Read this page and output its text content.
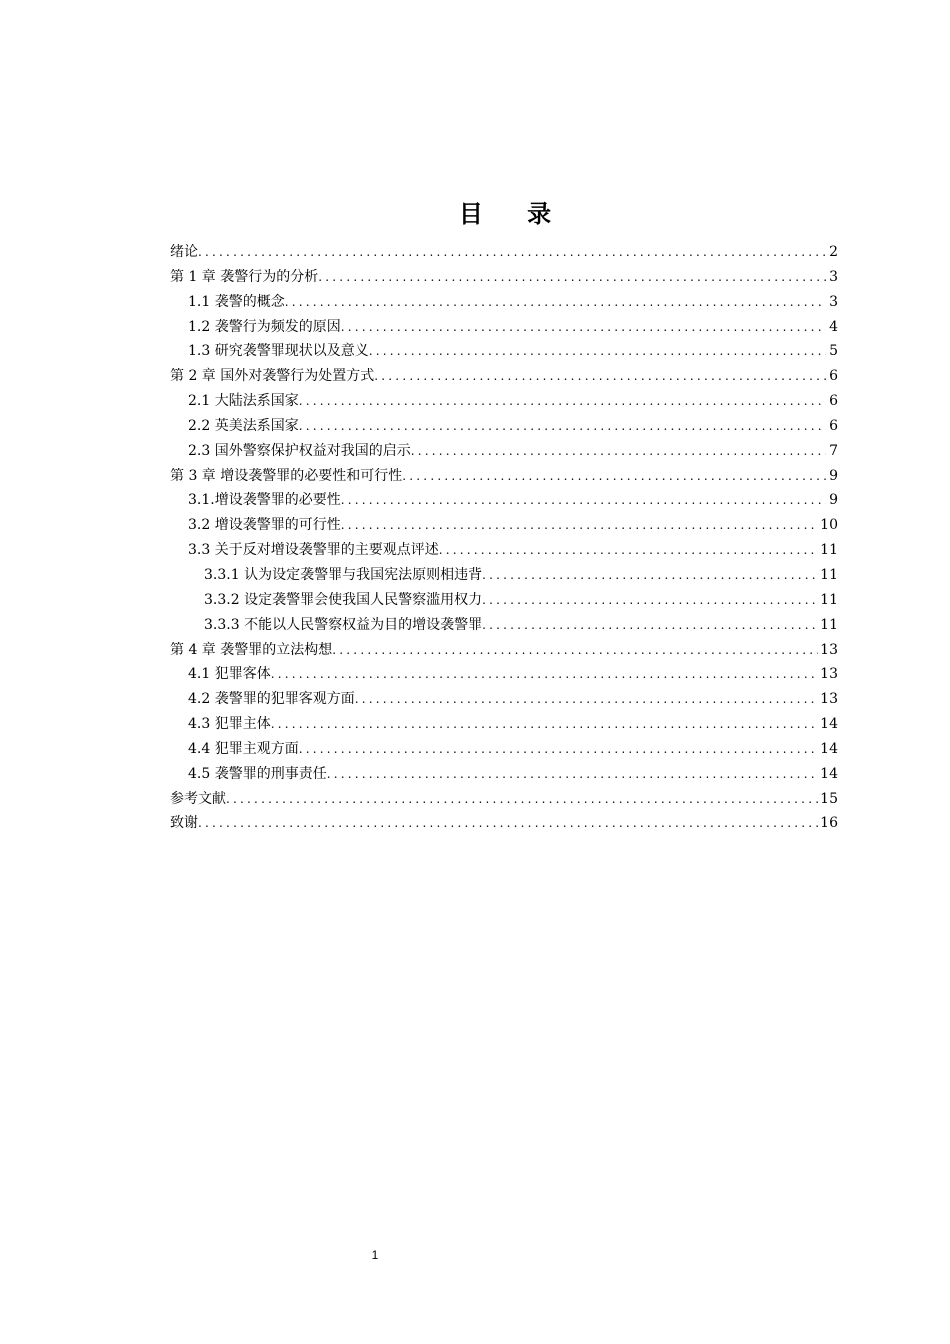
目 录
绪论 .....	2
第 1 章 袭警行为的分析 .....	3
1.1 袭警的概念 .....	3
1.2 袭警行为频发的原因 .....	4
1.3 研究袭警罪现状以及意义 .....	5
第 2 章 国外对袭警行为处置方式 .....	6
2.1 大陆法系国家 .....	6
2.2 英美法系国家 .....	6
2.3 国外警察保护权益对我国的启示 .....	7
第 3 章 增设袭警罪的必要性和可行性 .....	9
3.1.增设袭警罪的必要性 .....	9
3.2 增设袭警罪的可行性 .....	10
3.3 关于反对增设袭警罪的主要观点评述 .....	11
3.3.1 认为设定袭警罪与我国宪法原则相违背 .....	11
3.3.2 设定袭警罪会使我国人民警察滥用权力 .....	11
3.3.3 不能以人民警察权益为目的增设袭警罪 .....	11
第 4 章 袭警罪的立法构想 .....	13
4.1 犯罪客体 .....	13
4.2 袭警罪的犯罪客观方面 .....	13
4.3 犯罪主体 .....	14
4.4 犯罪主观方面 .....	14
4.5 袭警罪的刑事责任 .....	14
参考文献 .....	15
致谢 .....	16
1
